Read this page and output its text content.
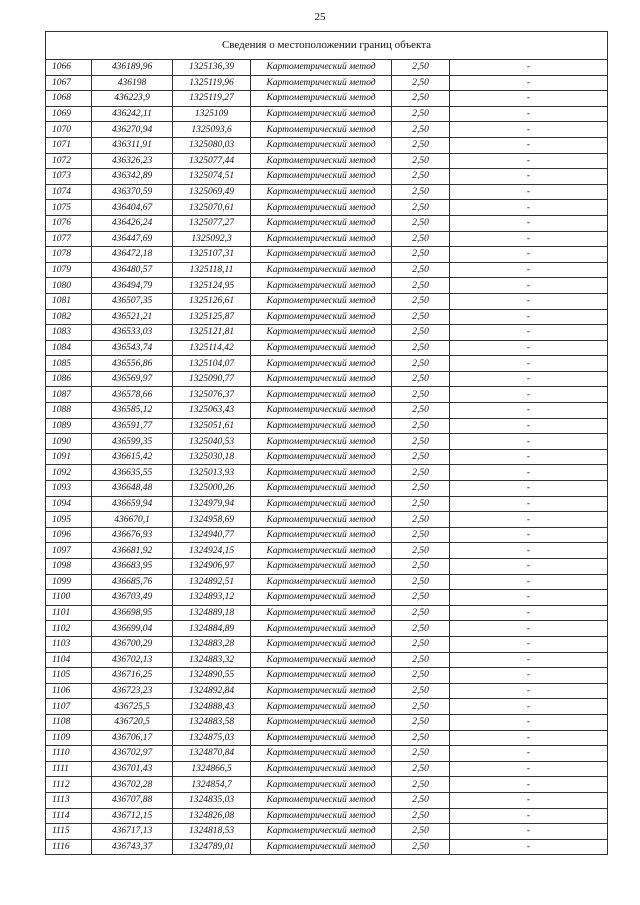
25
Сведения о местоположении границ объекта					
1066	436189,96	1325136,39	Картометрический метод	2,50	-
1067	436198	1325119,96	Картометрический метод	2,50	-
1068	436223,9	1325119,27	Картометрический метод	2,50	-
1069	436242,11	1325109	Картометрический метод	2,50	-
1070	436270,94	1325093,6	Картометрический метод	2,50	-
1071	436311,91	1325080,03	Картометрический метод	2,50	-
1072	436326,23	1325077,44	Картометрический метод	2,50	-
1073	436342,89	1325074,51	Картометрический метод	2,50	-
1074	436370,59	1325069,49	Картометрический метод	2,50	-
1075	436404,67	1325070,61	Картометрический метод	2,50	-
1076	436426,24	1325077,27	Картометрический метод	2,50	-
1077	436447,69	1325092,3	Картометрический метод	2,50	-
1078	436472,18	1325107,31	Картометрический метод	2,50	-
1079	436480,57	1325118,11	Картометрический метод	2,50	-
1080	436494,79	1325124,95	Картометрический метод	2,50	-
1081	436507,35	1325126,61	Картометрический метод	2,50	-
1082	436521,21	1325125,87	Картометрический метод	2,50	-
1083	436533,03	1325121,81	Картометрический метод	2,50	-
1084	436543,74	1325114,42	Картометрический метод	2,50	-
1085	436556,86	1325104,07	Картометрический метод	2,50	-
1086	436569,97	1325090,77	Картометрический метод	2,50	-
1087	436578,66	1325076,37	Картометрический метод	2,50	-
1088	436585,12	1325063,43	Картометрический метод	2,50	-
1089	436591,77	1325051,61	Картометрический метод	2,50	-
1090	436599,35	1325040,53	Картометрический метод	2,50	-
1091	436615,42	1325030,18	Картометрический метод	2,50	-
1092	436635,55	1325013,93	Картометрический метод	2,50	-
1093	436648,48	1325000,26	Картометрический метод	2,50	-
1094	436659,94	1324979,94	Картометрический метод	2,50	-
1095	436670,1	1324958,69	Картометрический метод	2,50	-
1096	436676,93	1324940,77	Картометрический метод	2,50	-
1097	436681,92	1324924,15	Картометрический метод	2,50	-
1098	436683,95	1324906,97	Картометрический метод	2,50	-
1099	436685,76	1324892,51	Картометрический метод	2,50	-
1100	436703,49	1324893,12	Картометрический метод	2,50	-
1101	436698,95	1324889,18	Картометрический метод	2,50	-
1102	436699,04	1324884,89	Картометрический метод	2,50	-
1103	436700,29	1324883,28	Картометрический метод	2,50	-
1104	436702,13	1324883,32	Картометрический метод	2,50	-
1105	436716,25	1324890,55	Картометрический метод	2,50	-
1106	436723,23	1324892,84	Картометрический метод	2,50	-
1107	436725,5	1324888,43	Картометрический метод	2,50	-
1108	436720,5	1324883,58	Картометрический метод	2,50	-
1109	436706,17	1324875,03	Картометрический метод	2,50	-
1110	436702,97	1324870,84	Картометрический метод	2,50	-
1111	436701,43	1324866,5	Картометрический метод	2,50	-
1112	436702,28	1324854,7	Картометрический метод	2,50	-
1113	436707,88	1324835,03	Картометрический метод	2,50	-
1114	436712,15	1324826,08	Картометрический метод	2,50	-
1115	436717,13	1324818,53	Картометрический метод	2,50	-
1116	436743,37	1324789,01	Картометрический метод	2,50	-
